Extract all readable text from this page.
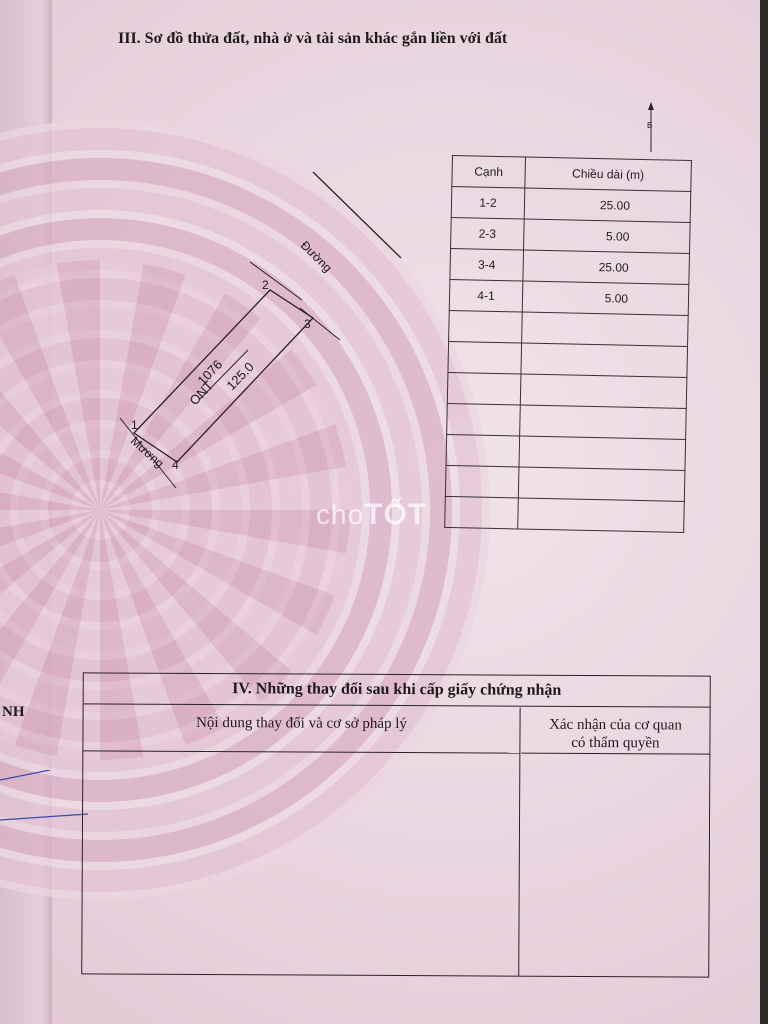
III. Sơ đồ thửa đất, nhà ở và tài sản khác gắn liền với đất
Đường
2
3
1
4
1076
ONT 125.0
Mương
B
Cạnh	Chiều dài (m)
1-2	25.00
2-3	5.00
3-4	25.00
4-1	5.00

choTỐT
NH
IV. Những thay đổi sau khi cấp giấy chứng nhận
Nội dung thay đổi và cơ sở pháp lý	Xác nhận của cơ quan
có thẩm quyền
